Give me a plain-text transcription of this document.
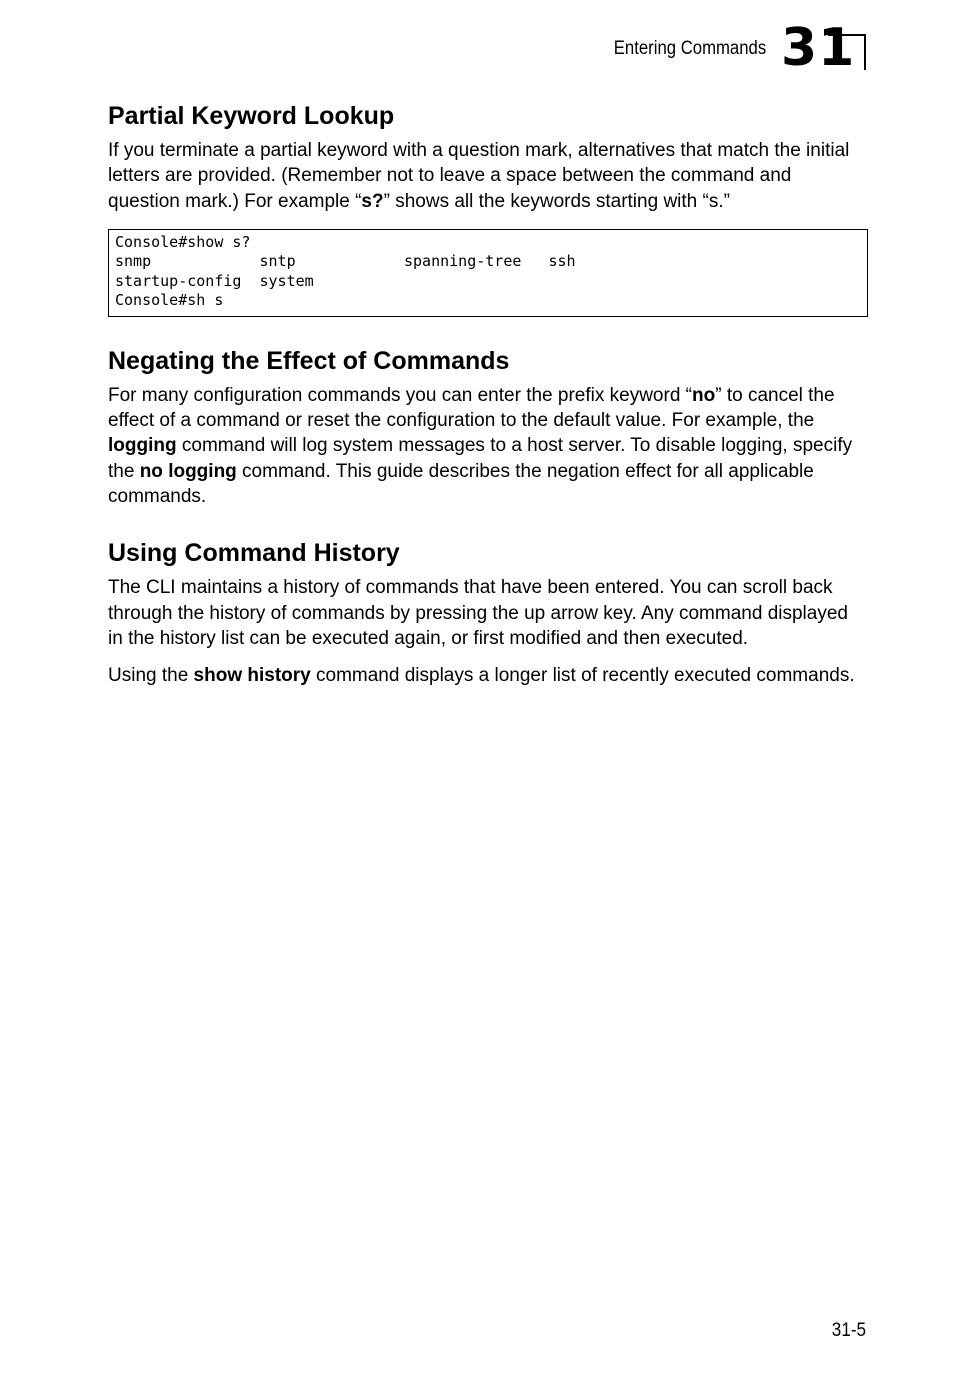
Entering Commands 31
Partial Keyword Lookup

If you terminate a partial keyword with a question mark, alternatives that match the initial letters are provided. (Remember not to leave a space between the command and question mark.) For example “s?” shows all the keywords starting with “s.”

Console#show s?
snmp            sntp            spanning-tree   ssh
startup-config  system
Console#sh s
Negating the Effect of Commands

For many configuration commands you can enter the prefix keyword “no” to cancel the effect of a command or reset the configuration to the default value. For example, the logging command will log system messages to a host server. To disable logging, specify the no logging command. This guide describes the negation effect for all applicable commands.

Using Command History

The CLI maintains a history of commands that have been entered. You can scroll back through the history of commands by pressing the up arrow key. Any command displayed in the history list can be executed again, or first modified and then executed.

Using the show history command displays a longer list of recently executed commands.

31-5
